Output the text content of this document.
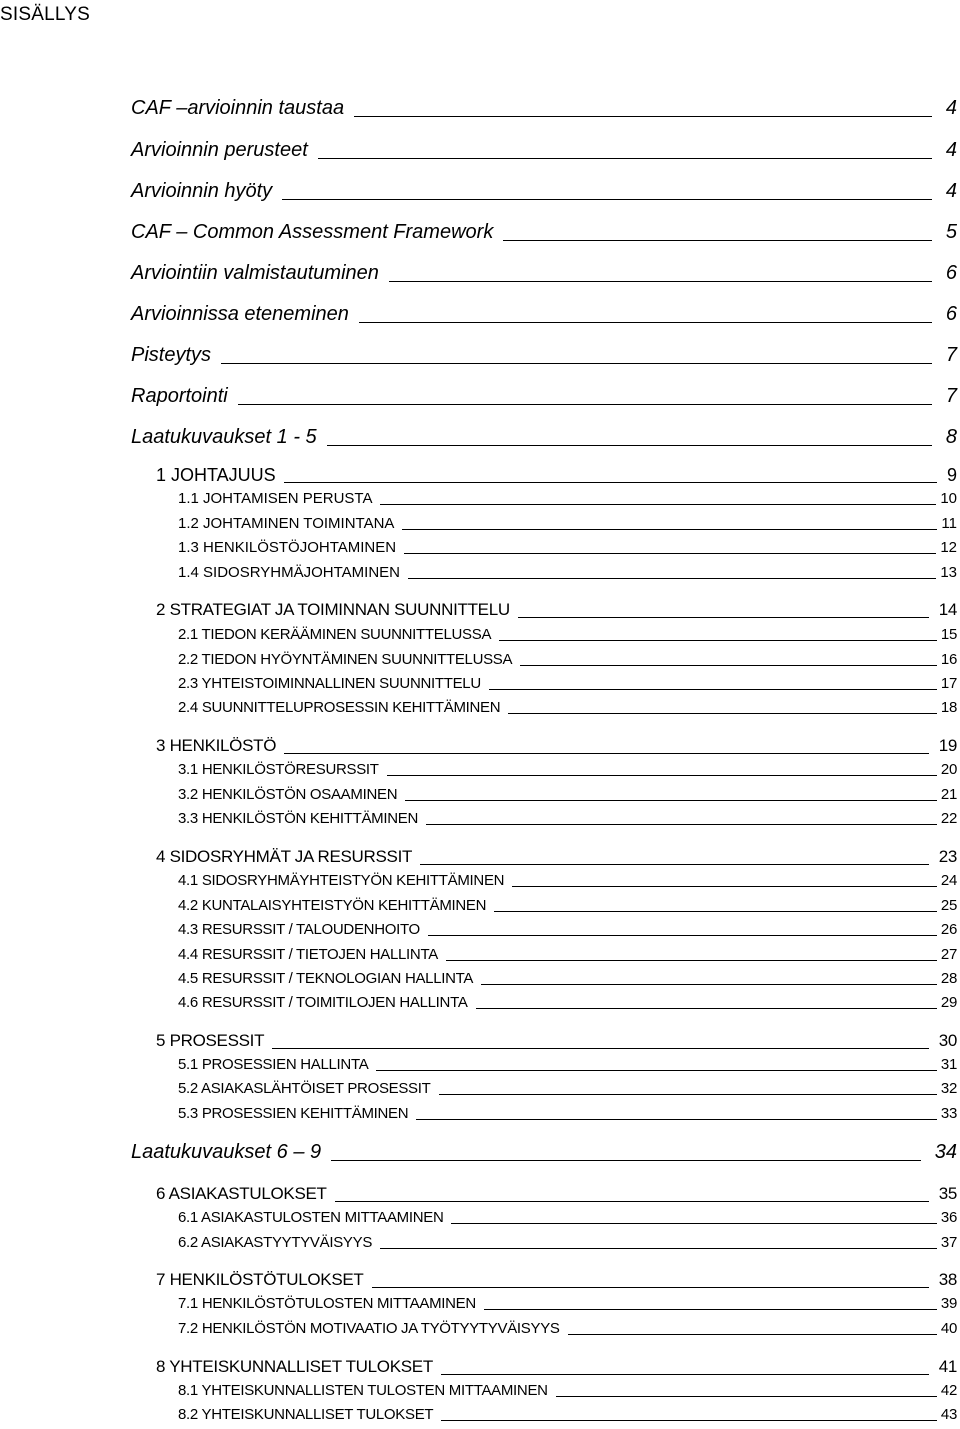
SISÄLLYS
CAF –arvioinnin taustaa	4
Arvioinnin perusteet	4
Arvioinnin hyöty	4
CAF – Common Assessment Framework	5
Arviointiin valmistautuminen	6
Arvioinnissa eteneminen	6
Pisteytys	7
Raportointi	7
Laatukuvaukset 1 - 5	8
1 JOHTAJUUS	9
1.1 JOHTAMISEN PERUSTA	10
1.2 JOHTAMINEN TOIMINTANA	11
1.3 HENKILÖSTÖJOHTAMINEN	12
1.4 SIDOSRYHMÄJOHTAMINEN	13
2 STRATEGIAT JA TOIMINNAN SUUNNITTELU	14
2.1 TIEDON KERÄÄMINEN SUUNNITTELUSSA	15
2.2 TIEDON HYÖYNTÄMINEN SUUNNITTELUSSA	16
2.3 YHTEISTOIMINNALLINEN SUUNNITTELU	17
2.4 SUUNNITTELUPROSESSIN KEHITTÄMINEN	18
3 HENKILÖSTÖ	19
3.1 HENKILÖSTÖRESURSSIT	20
3.2 HENKILÖSTÖN OSAAMINEN	21
3.3 HENKILÖSTÖN KEHITTÄMINEN	22
4 SIDOSRYHMÄT JA RESURSSIT	23
4.1 SIDOSRYHMÄYHTEISTYÖN KEHITTÄMINEN	24
4.2 KUNTALAISYHTEISTYÖN KEHITTÄMINEN	25
4.3 RESURSSIT / TALOUDENHOITO	26
4.4 RESURSSIT / TIETOJEN HALLINTA	27
4.5 RESURSSIT / TEKNOLOGIAN HALLINTA	28
4.6 RESURSSIT / TOIMITILOJEN HALLINTA	29
5 PROSESSIT	30
5.1 PROSESSIEN HALLINTA	31
5.2 ASIAKASLÄHTÖISET PROSESSIT	32
5.3 PROSESSIEN KEHITTÄMINEN	33
Laatukuvaukset 6 – 9	34
6 ASIAKASTULOKSET	35
6.1 ASIAKASTULOSTEN MITTAAMINEN	36
6.2 ASIAKASTYYTYVÄISYYS	37
7 HENKILÖSTÖTULOKSET	38
7.1 HENKILÖSTÖTULOSTEN MITTAAMINEN	39
7.2 HENKILÖSTÖN MOTIVAATIO JA TYÖTYYTYVÄISYYS	40
8 YHTEISKUNNALLISET TULOKSET	41
8.1 YHTEISKUNNALLISTEN TULOSTEN MITTAAMINEN	42
8.2 YHTEISKUNNALLISET TULOKSET	43
